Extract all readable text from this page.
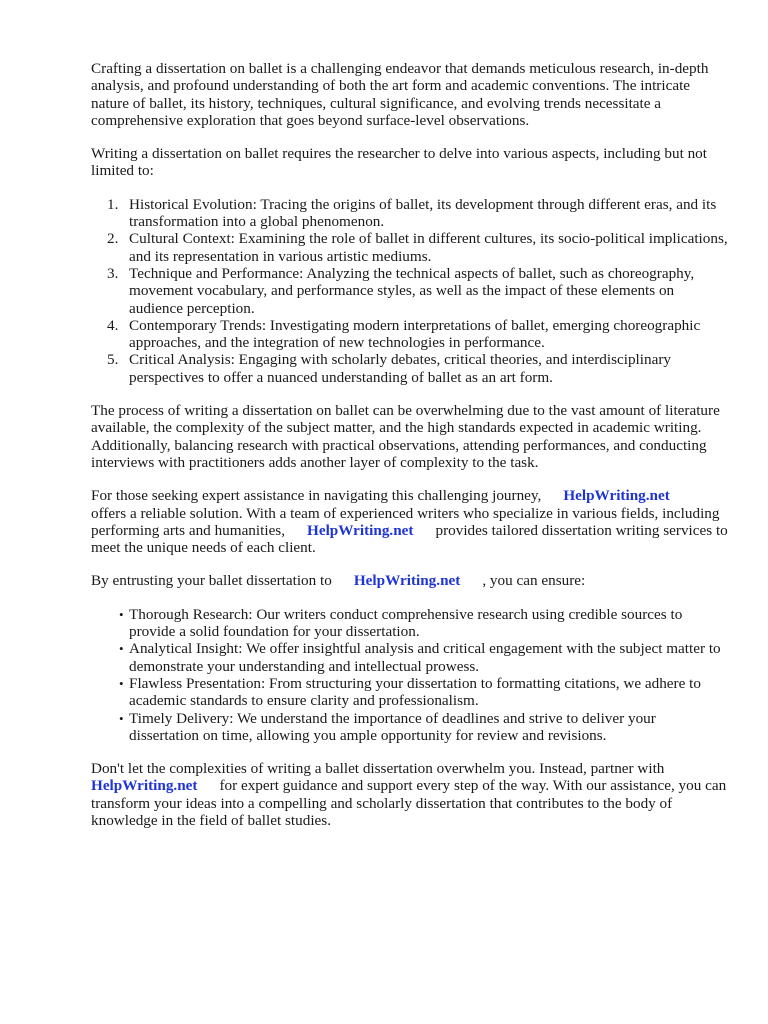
Crafting a dissertation on ballet is a challenging endeavor that demands meticulous research, in-depth analysis, and profound understanding of both the art form and academic conventions. The intricate nature of ballet, its history, techniques, cultural significance, and evolving trends necessitate a comprehensive exploration that goes beyond surface-level observations.

Writing a dissertation on ballet requires the researcher to delve into various aspects, including but not limited to:

1. Historical Evolution: Tracing the origins of ballet, its development through different eras, and its transformation into a global phenomenon.
2. Cultural Context: Examining the role of ballet in different cultures, its socio-political implications, and its representation in various artistic mediums.
3. Technique and Performance: Analyzing the technical aspects of ballet, such as choreography, movement vocabulary, and performance styles, as well as the impact of these elements on audience perception.
4. Contemporary Trends: Investigating modern interpretations of ballet, emerging choreographic approaches, and the integration of new technologies in performance.
5. Critical Analysis: Engaging with scholarly debates, critical theories, and interdisciplinary perspectives to offer a nuanced understanding of ballet as an art form.

The process of writing a dissertation on ballet can be overwhelming due to the vast amount of literature available, the complexity of the subject matter, and the high standards expected in academic writing. Additionally, balancing research with practical observations, attending performances, and conducting interviews with practitioners adds another layer of complexity to the task.

For those seeking expert assistance in navigating this challenging journey, HelpWriting.net
offers a reliable solution. With a team of experienced writers who specialize in various fields, including performing arts and humanities, HelpWriting.net provides tailored dissertation writing services to meet the unique needs of each client.

By entrusting your ballet dissertation to HelpWriting.net , you can ensure:

• Thorough Research: Our writers conduct comprehensive research using credible sources to provide a solid foundation for your dissertation.
• Analytical Insight: We offer insightful analysis and critical engagement with the subject matter to demonstrate your understanding and intellectual prowess.
• Flawless Presentation: From structuring your dissertation to formatting citations, we adhere to academic standards to ensure clarity and professionalism.
• Timely Delivery: We understand the importance of deadlines and strive to deliver your dissertation on time, allowing you ample opportunity for review and revisions.

Don't let the complexities of writing a ballet dissertation overwhelm you. Instead, partner with
HelpWriting.net for expert guidance and support every step of the way. With our assistance, you can transform your ideas into a compelling and scholarly dissertation that contributes to the body of knowledge in the field of ballet studies.
